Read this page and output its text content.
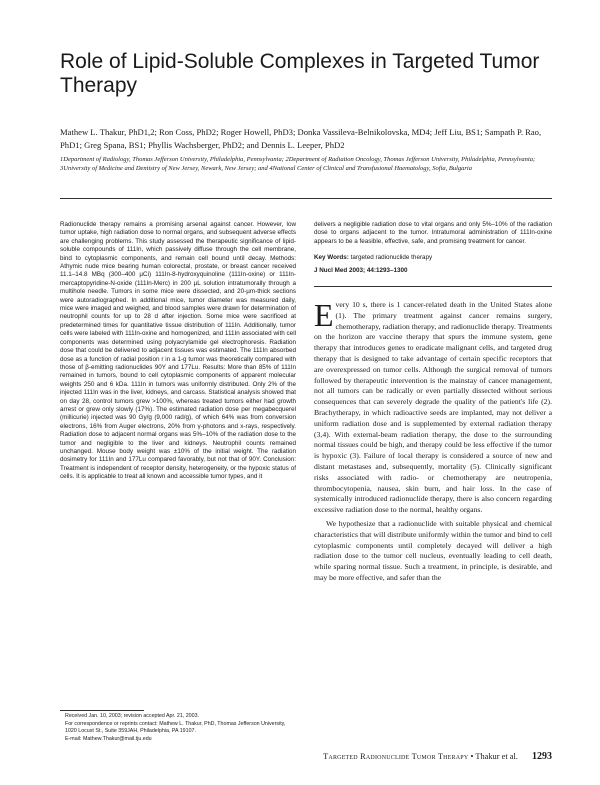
Role of Lipid-Soluble Complexes in Targeted Tumor Therapy

Mathew L. Thakur, PhD1,2; Ron Coss, PhD2; Roger Howell, PhD3; Donka Vassileva-Belnikolovska, MD4; Jeff Liu, BS1; Sampath P. Rao, PhD1; Greg Spana, BS1; Phyllis Wachsberger, PhD2; and Dennis L. Leeper, PhD2

1Department of Radiology, Thomas Jefferson University, Philadelphia, Pennsylvania; 2Department of Radiation Oncology, Thomas Jefferson University, Philadelphia, Pennsylvania; 3University of Medicine and Dentistry of New Jersey, Newark, New Jersey; and 4National Center of Clinical and Transfusional Haematology, Sofia, Bulgaria

Radionuclide therapy remains a promising arsenal against cancer. However, low tumor uptake, high radiation dose to normal organs, and subsequent adverse effects are challenging problems. This study assessed the therapeutic significance of lipid-soluble compounds of 111In, which passively diffuse through the cell membrane, bind to cytoplasmic components, and remain cell bound until decay. Methods: Athymic nude mice bearing human colorectal, prostate, or breast cancer received 11.1–14.8 MBq (300–400 µCi) 111In-8-hydroxyquinoline (111In-oxine) or 111In-mercaptopyridine-N-oxide (111In-Merc) in 200 µL solution intratumorally through a multihole needle. Tumors in some mice were dissected, and 20-µm-thick sections were autoradiographed. In additional mice, tumor diameter was measured daily, mice were imaged and weighed, and blood samples were drawn for determination of neutrophil counts for up to 28 d after injection. Some mice were sacrificed at predetermined times for quantitative tissue distribution of 111In. Additionally, tumor cells were labeled with 111In-oxine and homogenized, and 111In associated with cell components was determined using polyacrylamide gel electrophoresis. Radiation dose that could be delivered to adjacent tissues was estimated. The 111In absorbed dose as a function of radial position r in a 1-g tumor was theoretically compared with those of β-emitting radionuclides 90Y and 177Lu. Results: More than 85% of 111In remained in tumors, bound to cell cytoplasmic components of apparent molecular weights 250 and 6 kDa. 111In in tumors was uniformly distributed. Only 2% of the injected 111In was in the liver, kidneys, and carcass. Statistical analysis showed that on day 28, control tumors grew >100%, whereas treated tumors either had growth arrest or grew only slowly (17%). The estimated radiation dose per megabecquerel (millicurie) injected was 90 Gy/g (9,000 rad/g), of which 64% was from conversion electrons, 16% from Auger electrons, 20% from γ-photons and x-rays, respectively. Radiation dose to adjacent normal organs was 5%–10% of the radiation dose to the tumor and negligible to the liver and kidneys. Neutrophil counts remained unchanged. Mouse body weight was ±10% of the initial weight. The radiation dosimetry for 111In and 177Lu compared favorably, but not that of 90Y. Conclusion: Treatment is independent of receptor density, heterogeneity, or the hypoxic status of cells. It is applicable to treat all known and accessible tumor types, and it

delivers a negligible radiation dose to vital organs and only 5%–10% of the radiation dose to organs adjacent to the tumor. Intratumoral administration of 111In-oxine appears to be a feasible, effective, safe, and promising treatment for cancer.

Key Words: targeted radionuclide therapy

J Nucl Med 2003; 44:1293–1300

Every 10 s, there is 1 cancer-related death in the United States alone (1). The primary treatment against cancer remains surgery, chemotherapy, radiation therapy, and radionuclide therapy. Treatments on the horizon are vaccine therapy that spurs the immune system, gene therapy that introduces genes to eradicate malignant cells, and targeted drug therapy that is designed to take advantage of certain specific receptors that are overexpressed on tumor cells. Although the surgical removal of tumors followed by therapeutic intervention is the mainstay of cancer management, not all tumors can be radically or even partially dissected without serious consequences that can severely degrade the quality of the patient's life (2). Brachytherapy, in which radioactive seeds are implanted, may not deliver a uniform radiation dose and is supplemented by external radiation therapy (3,4). With external-beam radiation therapy, the dose to the surrounding normal tissues could be high, and therapy could be less effective if the tumor is hypoxic (3). Failure of local therapy is considered a source of new and distant metastases and, subsequently, mortality (5). Clinically significant risks associated with radio- or chemotherapy are neutropenia, thrombocytopenia, nausea, skin burn, and hair loss. In the case of systemically introduced radionuclide therapy, there is also concern regarding excessive radiation dose to the normal, healthy organs.

We hypothesize that a radionuclide with suitable physical and chemical characteristics that will distribute uniformly within the tumor and bind to cell cytoplasmic components until completely decayed will deliver a high radiation dose to the tumor cell nucleus, eventually leading to cell death, while sparing normal tissue. Such a treatment, in principle, is desirable, and may be more effective, and safer than the

Received Jan. 10, 2003; revision accepted Apr. 21, 2003.
For correspondence or reprints contact: Mathew L. Thakur, PhD, Thomas Jefferson University, 1020 Locust St., Suite 359JAH, Philadelphia, PA 19107.
E-mail: Mathew.Thakur@mail.tju.edu

Targeted Radionuclide Tumor Therapy • Thakur et al. 1293
